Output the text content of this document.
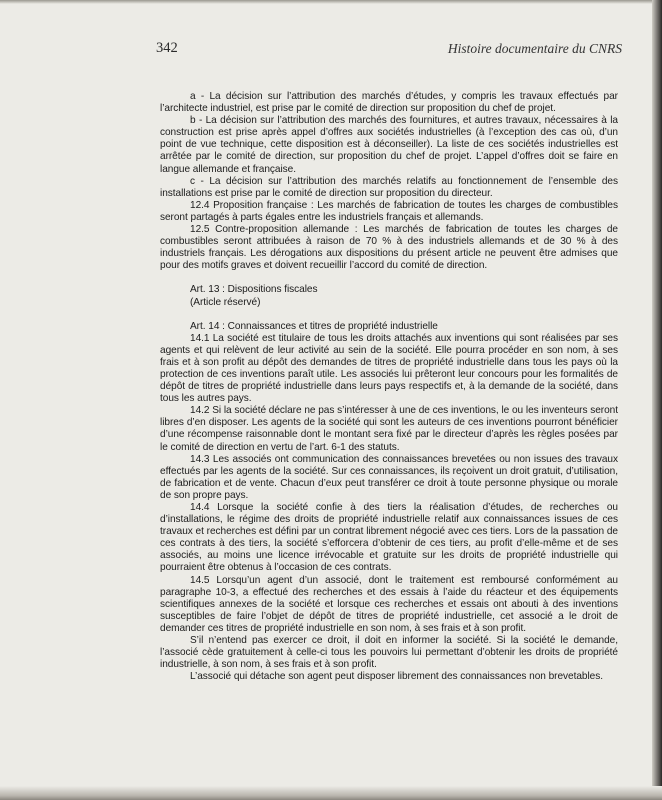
342	Histoire documentaire du CNRS

a - La décision sur l’attribution des marchés d’études, y compris les travaux effectués par l’architecte industriel, est prise par le comité de direction sur proposition du chef de projet.

b - La décision sur l’attribution des marchés des fournitures, et autres travaux, nécessaires à la construction est prise après appel d’offres aux sociétés industrielles (à l’exception des cas où, d’un point de vue technique, cette disposition est à déconseiller). La liste de ces sociétés industrielles est arrêtée par le comité de direction, sur proposition du chef de projet. L’appel d’offres doit se faire en langue allemande et française.

c - La décision sur l’attribution des marchés relatifs au fonctionnement de l’ensemble des installations est prise par le comité de direction sur proposition du directeur.

12.4 Proposition française : Les marchés de fabrication de toutes les charges de combustibles seront partagés à parts égales entre les industriels français et allemands.

12.5 Contre-proposition allemande : Les marchés de fabrication de toutes les charges de combustibles seront attribuées à raison de 70 % à des industriels allemands et de 30 % à des industriels français. Les dérogations aux dispositions du présent article ne peuvent être admises que pour des motifs graves et doivent recueillir l’accord du comité de direction.

Art. 13 : Dispositions fiscales

(Article réservé)

Art. 14 : Connaissances et titres de propriété industrielle

14.1 La société est titulaire de tous les droits attachés aux inventions qui sont réalisées par ses agents et qui relèvent de leur activité au sein de la société. Elle pourra procéder en son nom, à ses frais et à son profit au dépôt des demandes de titres de propriété industrielle dans tous les pays où la protection de ces inventions paraît utile. Les associés lui prêteront leur concours pour les formalités de dépôt de titres de propriété industrielle dans leurs pays respectifs et, à la demande de la société, dans tous les autres pays.

14.2 Si la société déclare ne pas s’intéresser à une de ces inventions, le ou les inventeurs seront libres d’en disposer. Les agents de la société qui sont les auteurs de ces inventions pourront bénéficier d’une récompense raisonnable dont le montant sera fixé par le directeur d’après les règles posées par le comité de direction en vertu de l’art. 6-1 des statuts.

14.3 Les associés ont communication des connaissances brevetées ou non issues des travaux effectués par les agents de la société. Sur ces connaissances, ils reçoivent un droit gratuit, d’utilisation, de fabrication et de vente. Chacun d’eux peut transférer ce droit à toute personne physique ou morale de son propre pays.

14.4 Lorsque la société confie à des tiers la réalisation d’études, de recherches ou d’installations, le régime des droits de propriété industrielle relatif aux connaissances issues de ces travaux et recherches est défini par un contrat librement négocié avec ces tiers. Lors de la passation de ces contrats à des tiers, la société s’efforcera d’obtenir de ces tiers, au profit d’elle-même et de ses associés, au moins une licence irrévocable et gratuite sur les droits de propriété industrielle qui pourraient être obtenus à l’occasion de ces contrats.

14.5 Lorsqu’un agent d’un associé, dont le traitement est remboursé conformément au paragraphe 10-3, a effectué des recherches et des essais à l’aide du réacteur et des équipements scientifiques annexes de la société et lorsque ces recherches et essais ont abouti à des inventions susceptibles de faire l’objet de dépôt de titres de propriété industrielle, cet associé a le droit de demander ces titres de propriété industrielle en son nom, à ses frais et à son profit.

S’il n’entend pas exercer ce droit, il doit en informer la société. Si la société le demande, l’associé cède gratuitement à celle-ci tous les pouvoirs lui permettant d’obtenir les droits de propriété industrielle, à son nom, à ses frais et à son profit.

L’associé qui détache son agent peut disposer librement des connaissances non brevetables.
